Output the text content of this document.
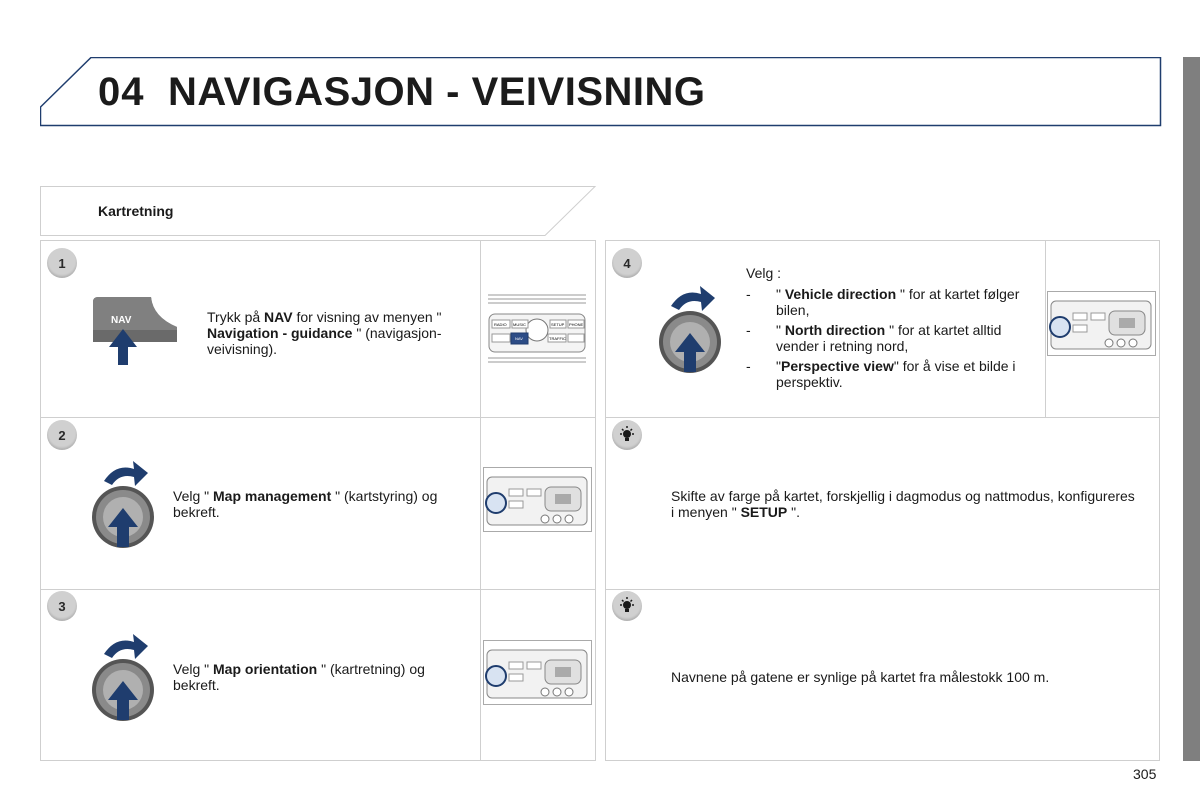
04 NAVIGASJON - VEIVISNING
Kartretning
1
NAV	Trykk på NAV for visning av menyen " Navigation - guidance " (navigasjon-veivisning).
RADIO MUSIC	SETUP PHONE
NAV	TRAFFIC
2
Velg " Map management " (kartstyring) og bekreft.
3
Velg " Map orientation " (kartretning) og bekreft.
4
Velg :
- " Vehicle direction " for at kartet følger bilen,
- " North direction " for at kartet alltid vender i retning nord,
- "Perspective view" for å vise et bilde i perspektiv.
Skifte av farge på kartet, forskjellig i dagmodus og nattmodus, konfigureres i menyen " SETUP ".
Navnene på gatene er synlige på kartet fra målestokk 100 m.
305
